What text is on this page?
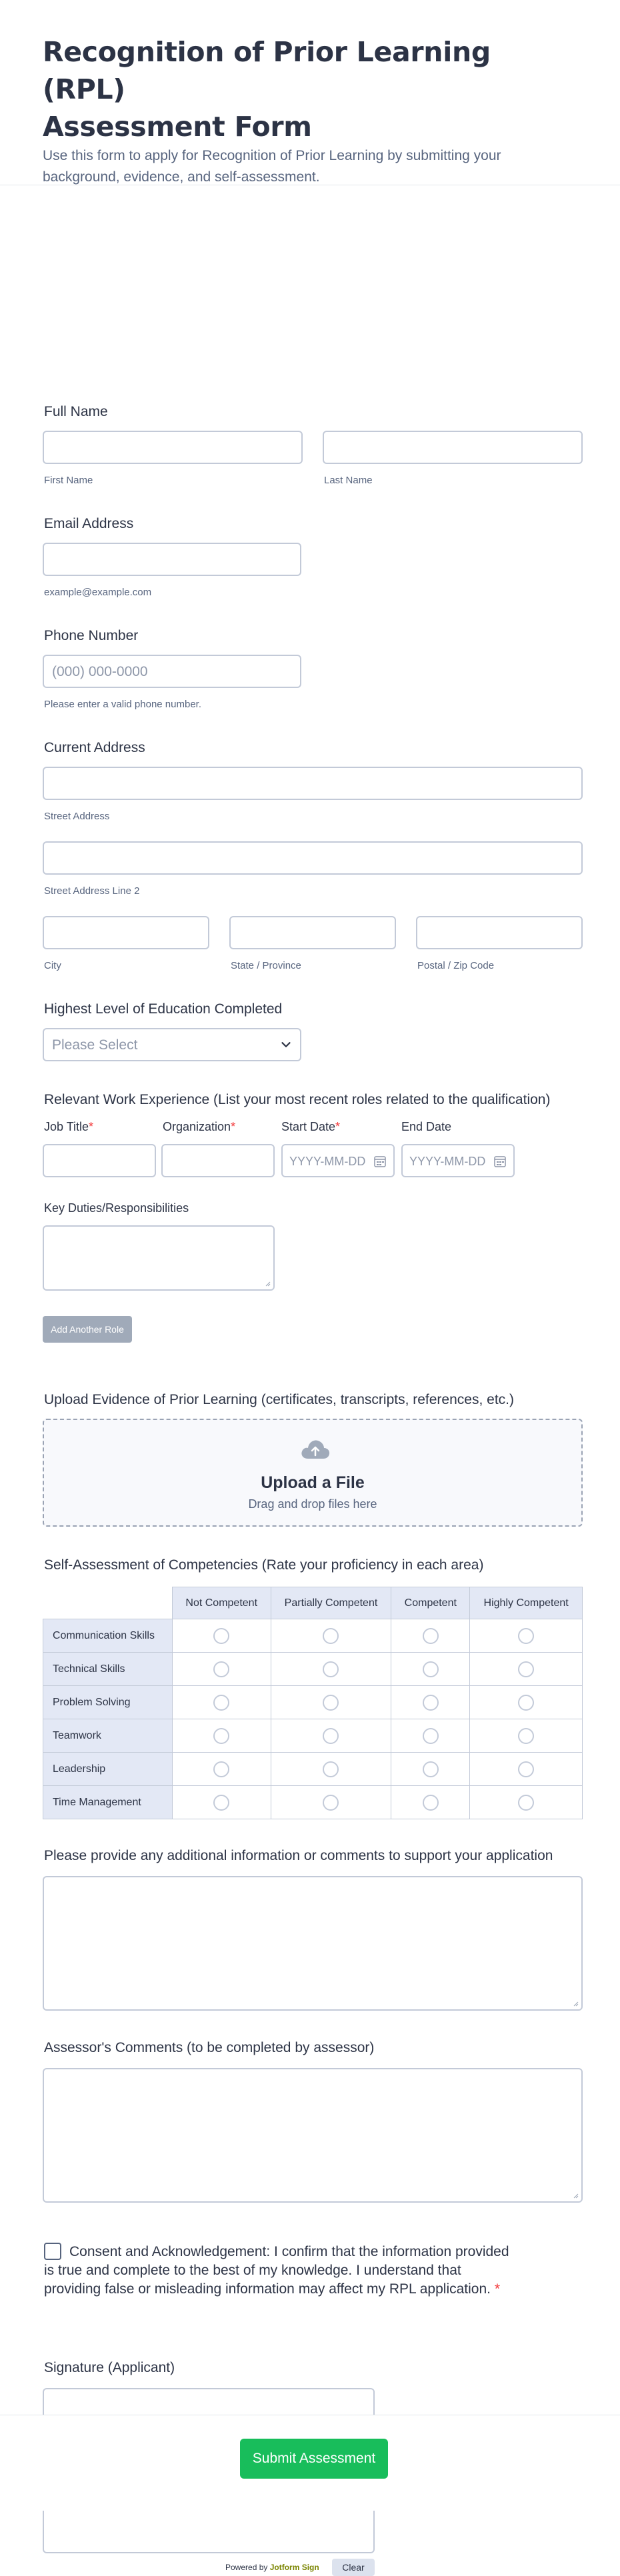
Recognition of Prior Learning (RPL)
Assessment Form

Use this form to apply for Recognition of Prior Learning by submitting your background, evidence, and self-assessment.

Full Name
First Name	Last Name
Email Address
example@example.com
Phone Number
(000) 000-0000
Please enter a valid phone number.
Current Address
Street Address
Street Address Line 2
City	State / Province	Postal / Zip Code
Highest Level of Education Completed
Please Select
Relevant Work Experience (List your most recent roles related to the qualification)
Job Title*	Organization*	Start Date*	End Date
YYYY-MM-DD	YYYY-MM-DD
Key Duties/Responsibilities
Add Another Role
Upload Evidence of Prior Learning (certificates, transcripts, references, etc.)
Upload a File
Drag and drop files here
Self-Assessment of Competencies (Rate your proficiency in each area)
	Not Competent	Partially Competent	Competent	Highly Competent
Communication Skills				
Technical Skills				
Problem Solving				
Teamwork				
Leadership				
Time Management				
Please provide any additional information or comments to support your application
Assessor's Comments (to be completed by assessor)
Consent and Acknowledgement: I confirm that the information provided
is true and complete to the best of my knowledge. I understand that
providing false or misleading information may affect my RPL application. *
Signature (Applicant)
Powered by Jotform Sign	Clear
Submit Assessment
